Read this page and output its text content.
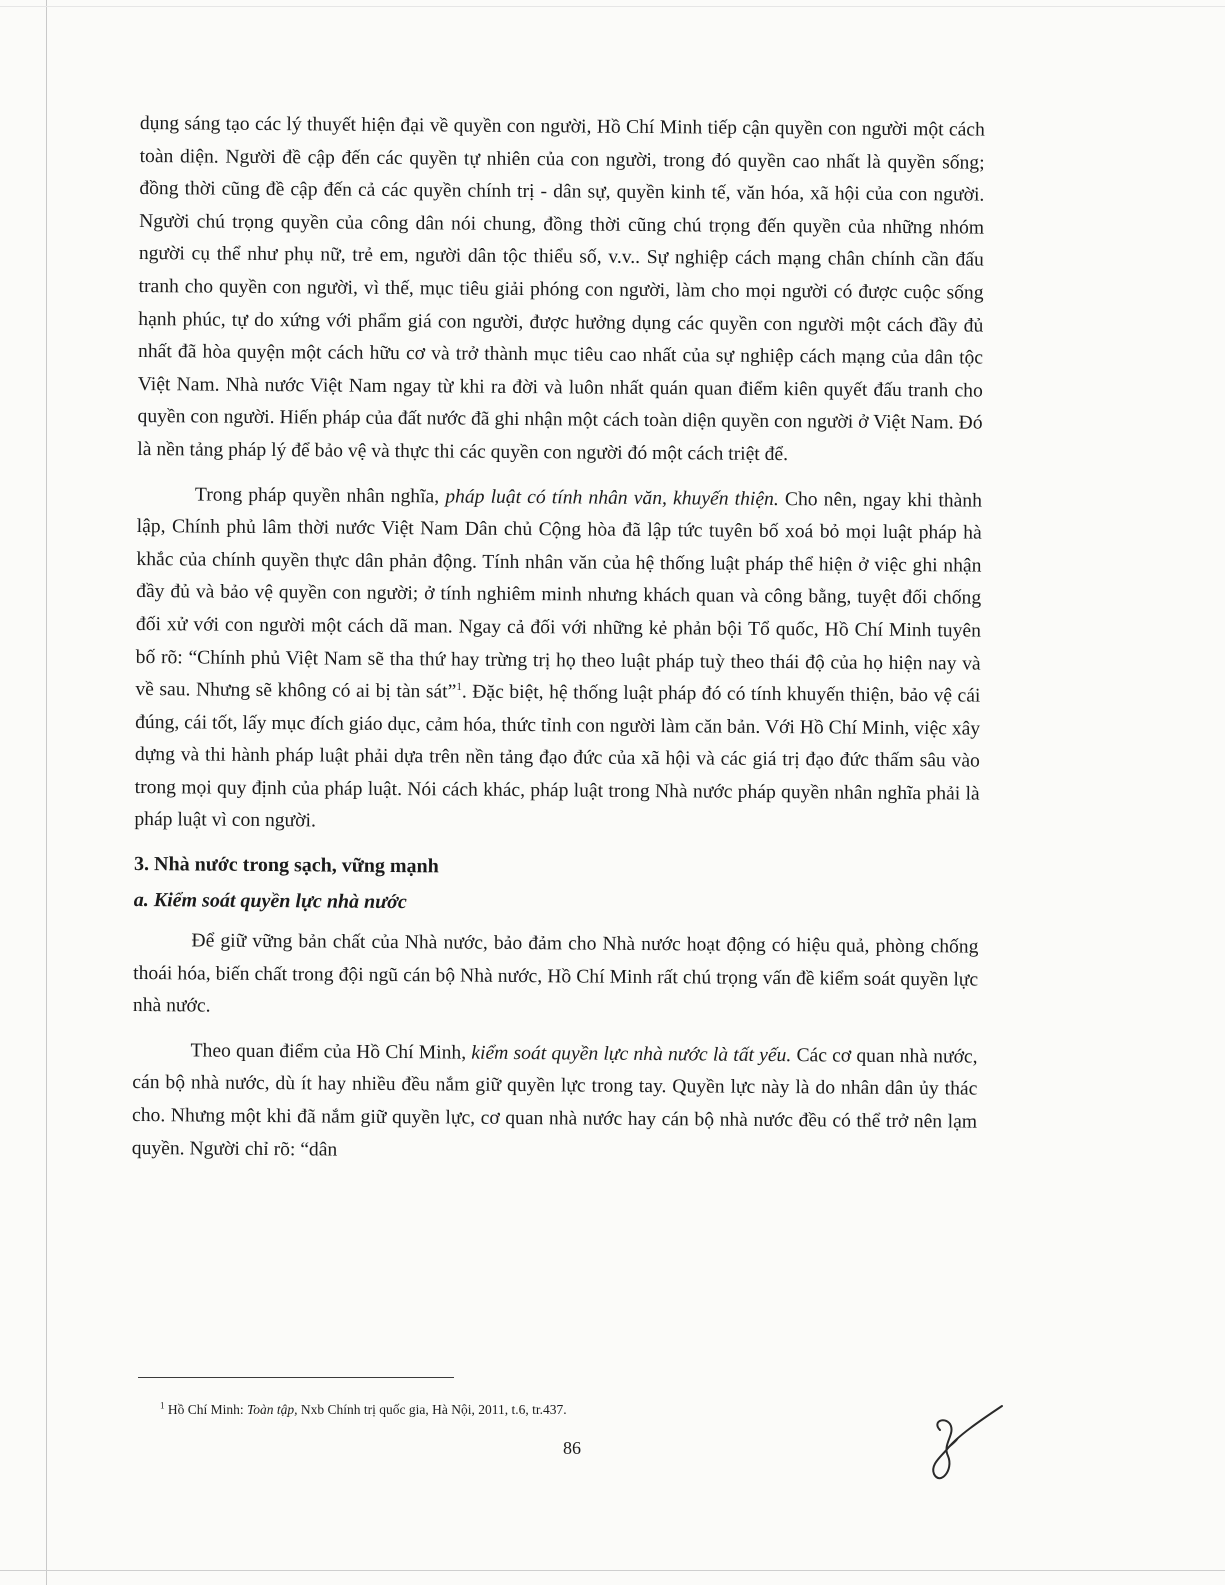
dụng sáng tạo các lý thuyết hiện đại về quyền con người, Hồ Chí Minh tiếp cận quyền con người một cách toàn diện. Người đề cập đến các quyền tự nhiên của con người, trong đó quyền cao nhất là quyền sống; đồng thời cũng đề cập đến cả các quyền chính trị - dân sự, quyền kinh tế, văn hóa, xã hội của con người. Người chú trọng quyền của công dân nói chung, đồng thời cũng chú trọng đến quyền của những nhóm người cụ thể như phụ nữ, trẻ em, người dân tộc thiểu số, v.v.. Sự nghiệp cách mạng chân chính cần đấu tranh cho quyền con người, vì thế, mục tiêu giải phóng con người, làm cho mọi người có được cuộc sống hạnh phúc, tự do xứng với phẩm giá con người, được hưởng dụng các quyền con người một cách đầy đủ nhất đã hòa quyện một cách hữu cơ và trở thành mục tiêu cao nhất của sự nghiệp cách mạng của dân tộc Việt Nam. Nhà nước Việt Nam ngay từ khi ra đời và luôn nhất quán quan điểm kiên quyết đấu tranh cho quyền con người. Hiến pháp của đất nước đã ghi nhận một cách toàn diện quyền con người ở Việt Nam. Đó là nền tảng pháp lý để bảo vệ và thực thi các quyền con người đó một cách triệt để.

Trong pháp quyền nhân nghĩa, pháp luật có tính nhân văn, khuyến thiện. Cho nên, ngay khi thành lập, Chính phủ lâm thời nước Việt Nam Dân chủ Cộng hòa đã lập tức tuyên bố xoá bỏ mọi luật pháp hà khắc của chính quyền thực dân phản động. Tính nhân văn của hệ thống luật pháp thể hiện ở việc ghi nhận đầy đủ và bảo vệ quyền con người; ở tính nghiêm minh nhưng khách quan và công bằng, tuyệt đối chống đối xử với con người một cách dã man. Ngay cả đối với những kẻ phản bội Tổ quốc, Hồ Chí Minh tuyên bố rõ: “Chính phủ Việt Nam sẽ tha thứ hay trừng trị họ theo luật pháp tuỳ theo thái độ của họ hiện nay và về sau. Nhưng sẽ không có ai bị tàn sát”$^1$. Đặc biệt, hệ thống luật pháp đó có tính khuyến thiện, bảo vệ cái đúng, cái tốt, lấy mục đích giáo dục, cảm hóa, thức tỉnh con người làm căn bản. Với Hồ Chí Minh, việc xây dựng và thi hành pháp luật phải dựa trên nền tảng đạo đức của xã hội và các giá trị đạo đức thấm sâu vào trong mọi quy định của pháp luật. Nói cách khác, pháp luật trong Nhà nước pháp quyền nhân nghĩa phải là pháp luật vì con người.

3. Nhà nước trong sạch, vững mạnh
a. Kiểm soát quyền lực nhà nước

Để giữ vững bản chất của Nhà nước, bảo đảm cho Nhà nước hoạt động có hiệu quả, phòng chống thoái hóa, biến chất trong đội ngũ cán bộ Nhà nước, Hồ Chí Minh rất chú trọng vấn đề kiểm soát quyền lực nhà nước.

Theo quan điểm của Hồ Chí Minh, kiểm soát quyền lực nhà nước là tất yếu. Các cơ quan nhà nước, cán bộ nhà nước, dù ít hay nhiều đều nắm giữ quyền lực trong tay. Quyền lực này là do nhân dân ủy thác cho. Nhưng một khi đã nắm giữ quyền lực, cơ quan nhà nước hay cán bộ nhà nước đều có thể trở nên lạm quyền. Người chỉ rõ: “dân

$^1$ Hồ Chí Minh: Toàn tập, Nxb Chính trị quốc gia, Hà Nội, 2011, t.6, tr.437.
86
